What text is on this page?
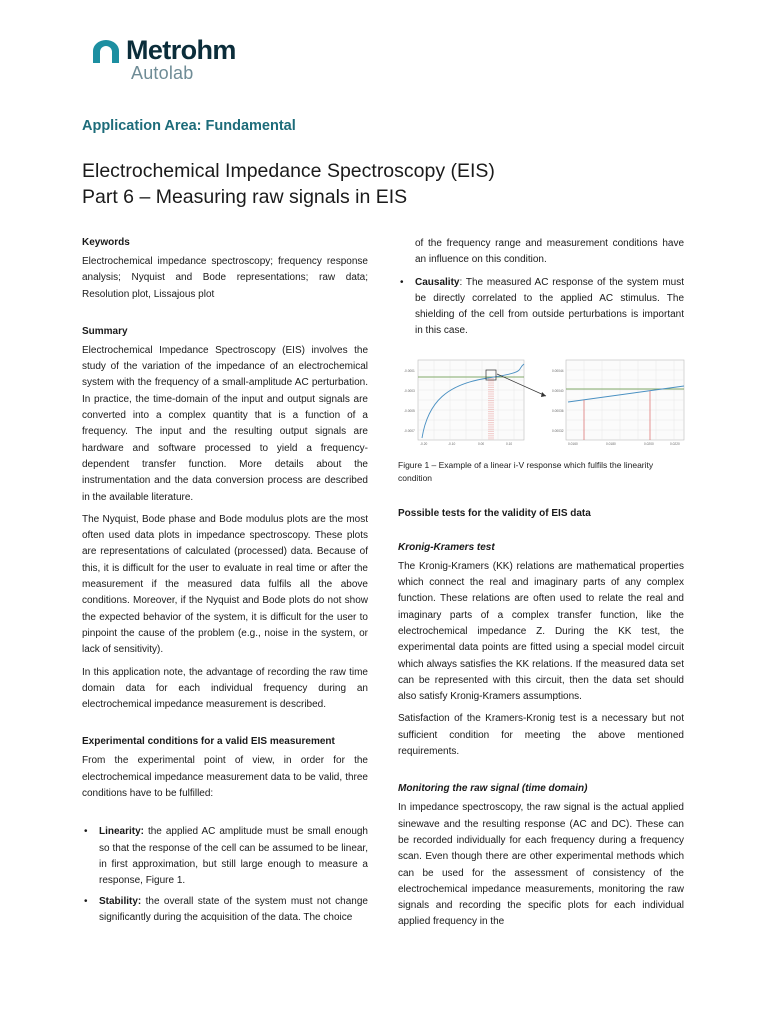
Metrohm
Autolab
Application Area: Fundamental
Electrochemical Impedance Spectroscopy (EIS)
Part 6 – Measuring raw signals in EIS
Keywords

Electrochemical impedance spectroscopy; frequency response analysis; Nyquist and Bode representations; raw data; Resolution plot, Lissajous plot

Summary

Electrochemical Impedance Spectroscopy (EIS) involves the study of the variation of the impedance of an electrochemical system with the frequency of a small-amplitude AC perturbation. In practice, the time-domain of the input and output signals are converted into a complex quantity that is a function of a frequency. The input and the resulting output signals are hardware and software processed to yield a frequency-dependent transfer function. More details about the instrumentation and the data conversion process are described in the available literature.

The Nyquist, Bode phase and Bode modulus plots are the most often used data plots in impedance spectroscopy. These plots are representations of calculated (processed) data. Because of this, it is difficult for the user to evaluate in real time or after the measurement if the measured data fulfils all the above conditions. Moreover, if the Nyquist and Bode plots do not show the expected behavior of the system, it is difficult for the user to pinpoint the cause of the problem (e.g., noise in the system, or lack of sensitivity).

In this application note, the advantage of recording the raw time domain data for each individual frequency during an electrochemical impedance measurement is described.

Experimental conditions for a valid EIS measurement

From the experimental point of view, in order for the electrochemical impedance measurement data to be valid, three conditions have to be fulfilled:

• Linearity: the applied AC amplitude must be small enough so that the response of the cell can be assumed to be linear, in first approximation, but still large enough to measure a response, Figure 1.
• Stability: the overall state of the system must not change significantly during the acquisition of the data. The choice

of the frequency range and measurement conditions have an influence on this condition.

• Causality: The measured AC response of the system must be directly correlated to the applied AC stimulus. The shielding of the cell from outside perturbations is important in this case.
-0.0001
-0.0003
-0.0005
-0.0007
-0.20	-0.10	0.00	0.10
0.00044
0.00040
0.00036
0.00032
0.0160	0.0180	0.0200	0.0220
Figure 1 – Example of a linear i-V response which fulfils the linearity condition
Possible tests for the validity of EIS data
Kronig-Kramers test

The Kronig-Kramers (KK) relations are mathematical properties which connect the real and imaginary parts of any complex function. These relations are often used to relate the real and imaginary parts of a complex transfer function, like the electrochemical impedance Z. During the KK test, the experimental data points are fitted using a special model circuit which always satisfies the KK relations. If the measured data set can be represented with this circuit, then the data set should also satisfy Kronig-Kramers assumptions.

Satisfaction of the Kramers-Kronig test is a necessary but not sufficient condition for meeting the above mentioned requirements.

Monitoring the raw signal (time domain)

In impedance spectroscopy, the raw signal is the actual applied sinewave and the resulting response (AC and DC). These can be recorded individually for each frequency during a frequency scan. Even though there are other experimental methods which can be used for the assessment of consistency of the electrochemical impedance measurements, monitoring the raw signals and recording the specific plots for each individual applied frequency in the
